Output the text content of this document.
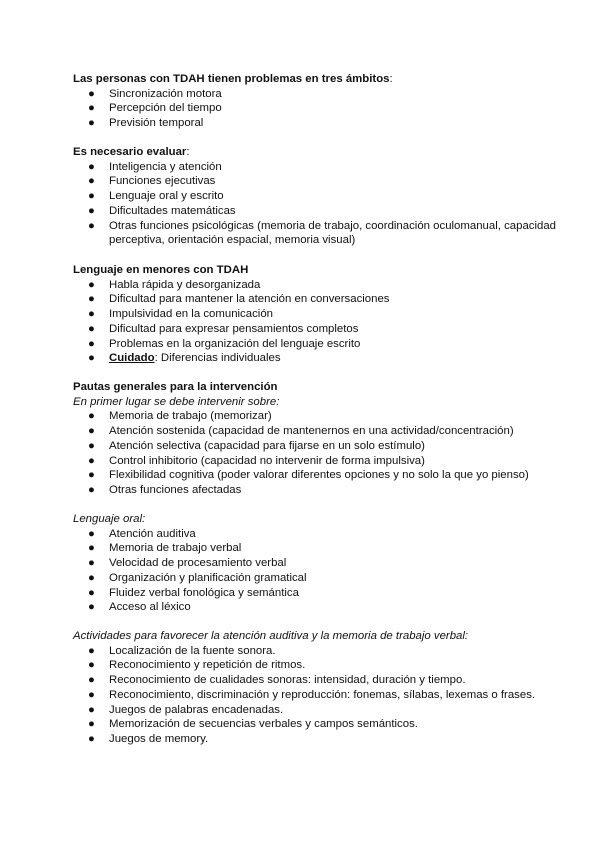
Las personas con TDAH tienen problemas en tres ámbitos:

● Sincronización motora
● Percepción del tiempo
● Previsión temporal

Es necesario evaluar:

● Inteligencia y atención
● Funciones ejecutivas
● Lenguaje oral y escrito
● Dificultades matemáticas
● Otras funciones psicológicas (memoria de trabajo, coordinación oculomanual, capacidad perceptiva, orientación espacial, memoria visual)

Lenguaje en menores con TDAH

● Habla rápida y desorganizada
● Dificultad para mantener la atención en conversaciones
● Impulsividad en la comunicación
● Dificultad para expresar pensamientos completos
● Problemas en la organización del lenguaje escrito
● Cuidado: Diferencias individuales

Pautas generales para la intervención

En primer lugar se debe intervenir sobre:

● Memoria de trabajo (memorizar)
● Atención sostenida (capacidad de mantenernos en una actividad/concentración)
● Atención selectiva (capacidad para fijarse en un solo estímulo)
● Control inhibitorio (capacidad no intervenir de forma impulsiva)
● Flexibilidad cognitiva (poder valorar diferentes opciones y no solo la que yo pienso)
● Otras funciones afectadas

Lenguaje oral:

● Atención auditiva
● Memoria de trabajo verbal
● Velocidad de procesamiento verbal
● Organización y planificación gramatical
● Fluidez verbal fonológica y semántica
● Acceso al léxico

Actividades para favorecer la atención auditiva y la memoria de trabajo verbal:

● Localización de la fuente sonora.
● Reconocimiento y repetición de ritmos.
● Reconocimiento de cualidades sonoras: intensidad, duración y tiempo.
● Reconocimiento, discriminación y reproducción: fonemas, sílabas, lexemas o frases.
● Juegos de palabras encadenadas.
● Memorización de secuencias verbales y campos semánticos.
● Juegos de memory.
